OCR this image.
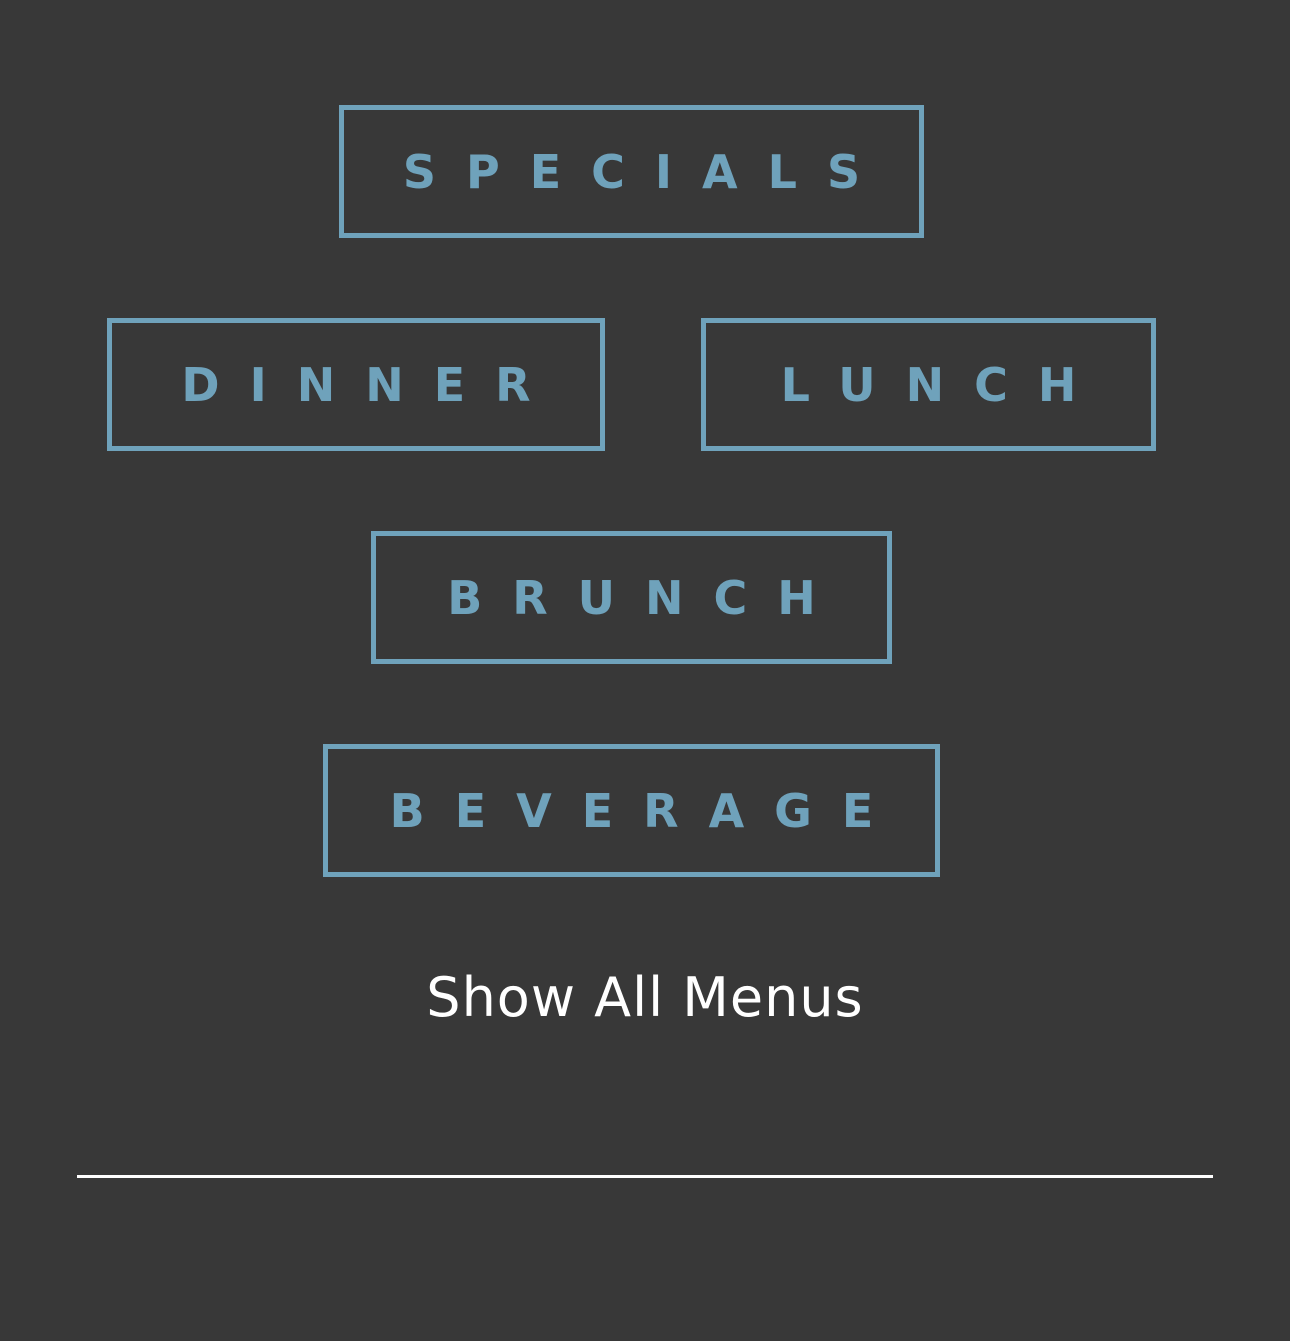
SPECIALS
DINNER	LUNCH
BRUNCH
BEVERAGE
Show All Menus
